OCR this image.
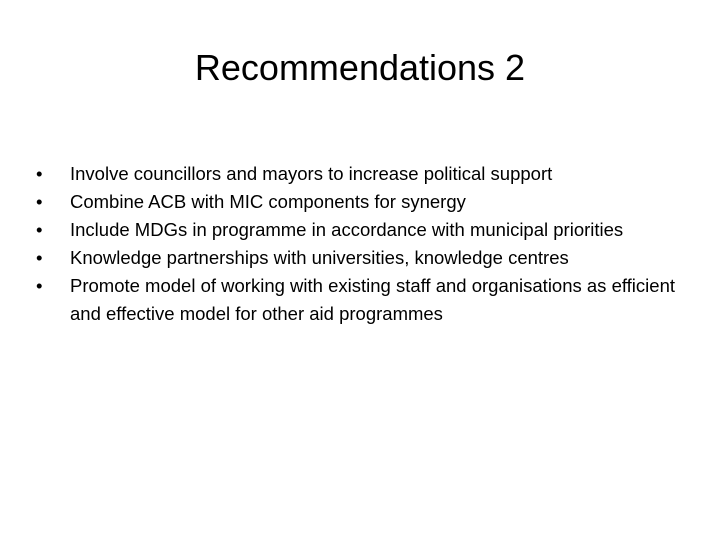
Recommendations 2
•	Involve councillors and mayors to increase political support
•	Combine ACB with MIC components for synergy
•	Include MDGs in programme in accordance with municipal priorities
•	Knowledge partnerships with universities, knowledge centres
•	Promote model of working with existing staff and organisations as efficient and effective model for other aid programmes
